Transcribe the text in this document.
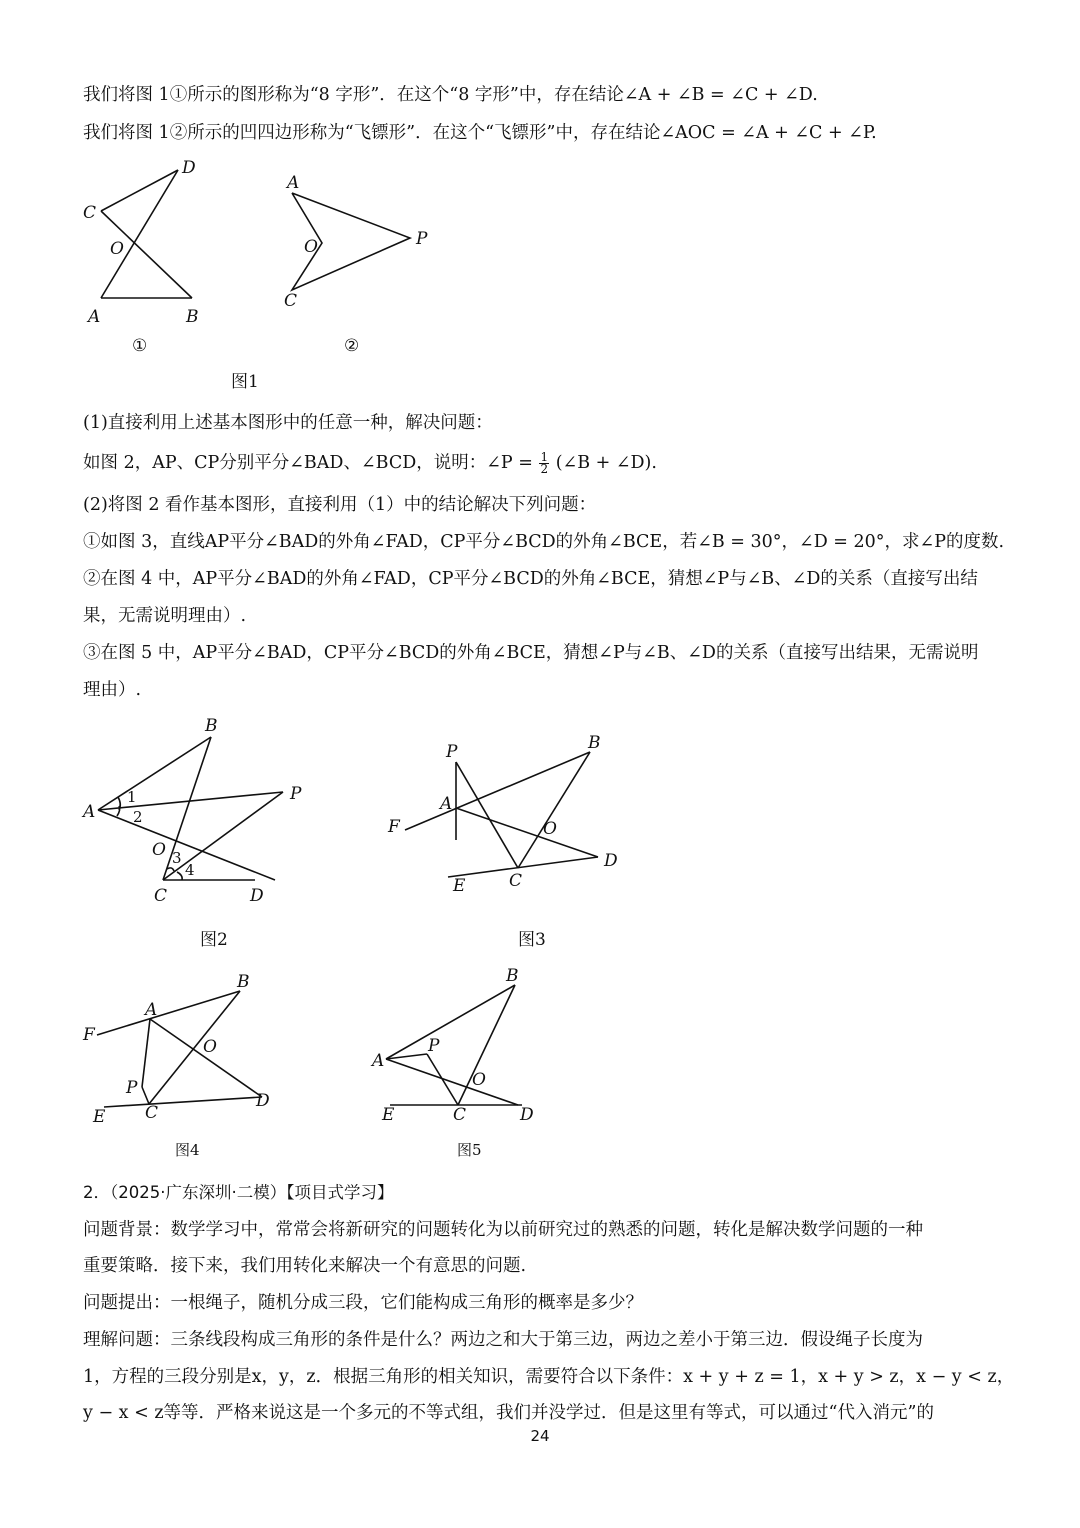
我们将图 1①所示的图形称为“8 字形”．在这个“8 字形”中，存在结论∠A + ∠B = ∠C + ∠D.
我们将图 1②所示的凹四边形称为“飞镖形”．在这个“飞镖形”中，存在结论∠AOC = ∠A + ∠C + ∠P.
D
C
O
A	B
A
O	P
C
①	②
图1
(1)直接利用上述基本图形中的任意一种，解决问题：
如图 2，AP、CP分别平分∠BAD、∠BCD，说明：∠P = $\frac{1}{2}$ (∠B + ∠D).
(2)将图 2 看作基本图形，直接利用（1）中的结论解决下列问题：
①如图 3，直线AP平分∠BAD的外角∠FAD，CP平分∠BCD的外角∠BCE，若∠B = 30°，∠D = 20°，求∠P的度数.
②在图 4 中，AP平分∠BAD的外角∠FAD，CP平分∠BCD的外角∠BCE，猜想∠P与∠B、∠D的关系（直接写出结
果，无需说明理由）.
③在图 5 中，AP平分∠BAD，CP平分∠BCD的外角∠BCE，猜想∠P与∠B、∠D的关系（直接写出结果，无需说明
理由）.
B
P
A
O
C	D
1
2
3
4
P	B
A
F	O
D
E	C
B
A
F
O
P
E C
D
B
A
P
O
E	C	D
图2	图3
图4	图5
2．（2025·广东深圳·二模）【项目式学习】
问题背景：数学学习中，常常会将新研究的问题转化为以前研究过的熟悉的问题，转化是解决数学问题的一种
重要策略．接下来，我们用转化来解决一个有意思的问题.
问题提出：一根绳子，随机分成三段，它们能构成三角形的概率是多少？
理解问题：三条线段构成三角形的条件是什么？两边之和大于第三边，两边之差小于第三边．假设绳子长度为
1，方程的三段分别是x，y，z．根据三角形的相关知识，需要符合以下条件：x + y + z = 1，x + y > z，x − y < z，
y − x < z等等．严格来说这是一个多元的不等式组，我们并没学过．但是这里有等式，可以通过“代入消元”的
24
